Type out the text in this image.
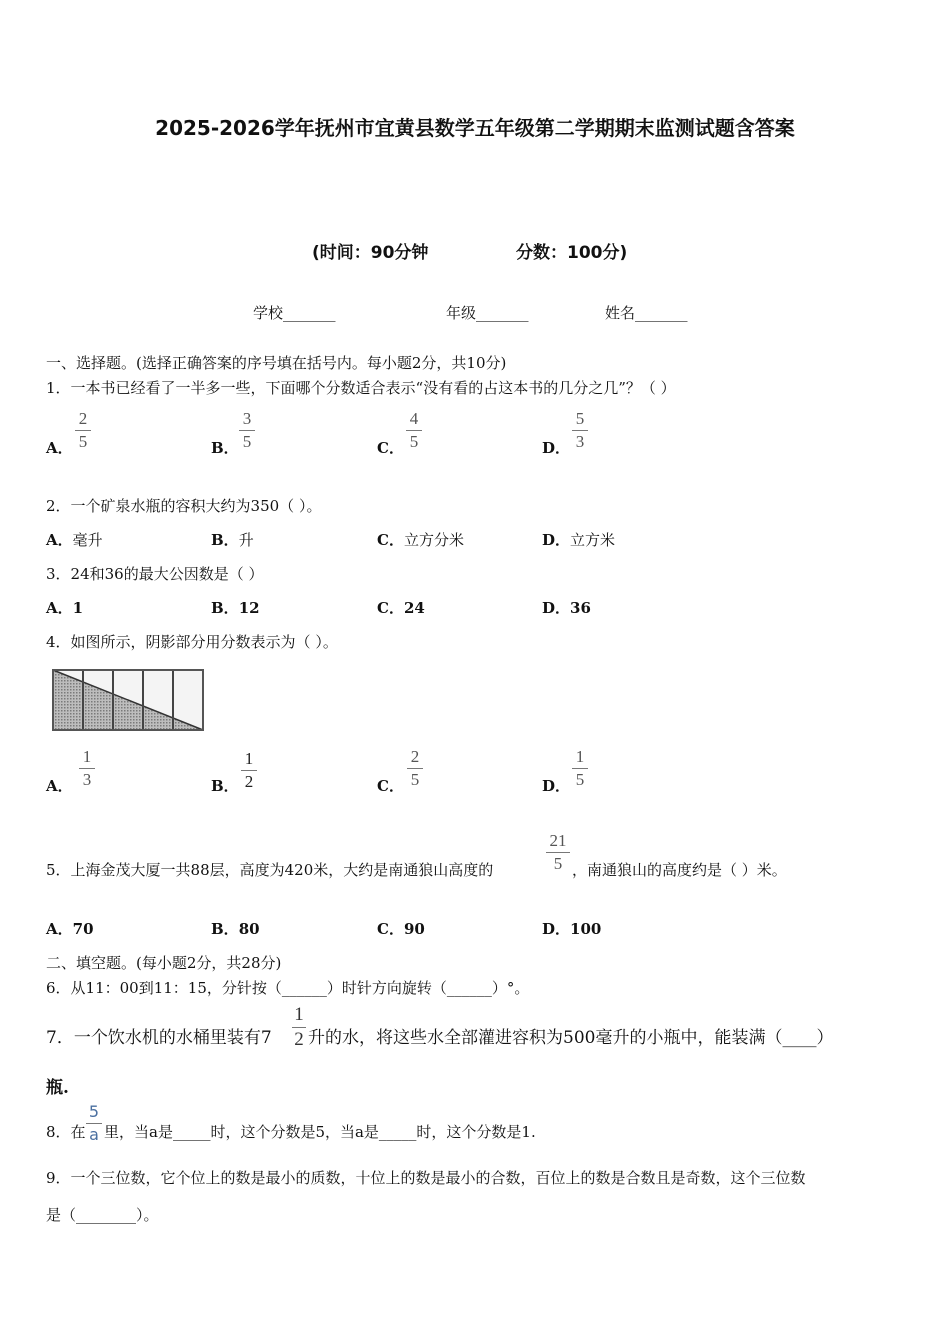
2025-2026学年抚州市宜黄县数学五年级第二学期期末监测试题含答案
(时间：90分钟	分数：100分)
学校_______	年级_______	姓名_______
一、选择题。(选择正确答案的序号填在括号内。每小题2分，共10分)
1．一本书已经看了一半多一些，下面哪个分数适合表示“没有看的占这本书的几分之几”？（ ）
A．
2
5	B．
3
5	C．
4
5	D．
5
3
2．一个矿泉水瓶的容积大约为350（ ）。
A．毫升	B．升	C．立方分米	D．立方米
3．24和36的最大公因数是（ ）
A．1	B．12	C．24	D．36
4．如图所示，阴影部分用分数表示为（ ）。
A．
1
3	B．
1
2	C．
2
5	D．
1
5
5．上海金茂大厦一共88层，高度为420米，大约是南通狼山高度的
21
5 ，南通狼山的高度约是（ ）米。
A．70	B．80	C．90	D．100
二、填空题。(每小题2分，共28分)
6．从11：00到11：15，分针按（______）时针方向旋转（______）°。
7．一个饮水机的水桶里装有7
1
2 升的水，将这些水全部灌进容积为500毫升的小瓶中，能装满（____）
瓶.
8．在
5
a 里，当a是_____时，这个分数是5，当a是_____时，这个分数是1.
9．一个三位数，它个位上的数是最小的质数，十位上的数是最小的合数，百位上的数是合数且是奇数，这个三位数
是（________）。
